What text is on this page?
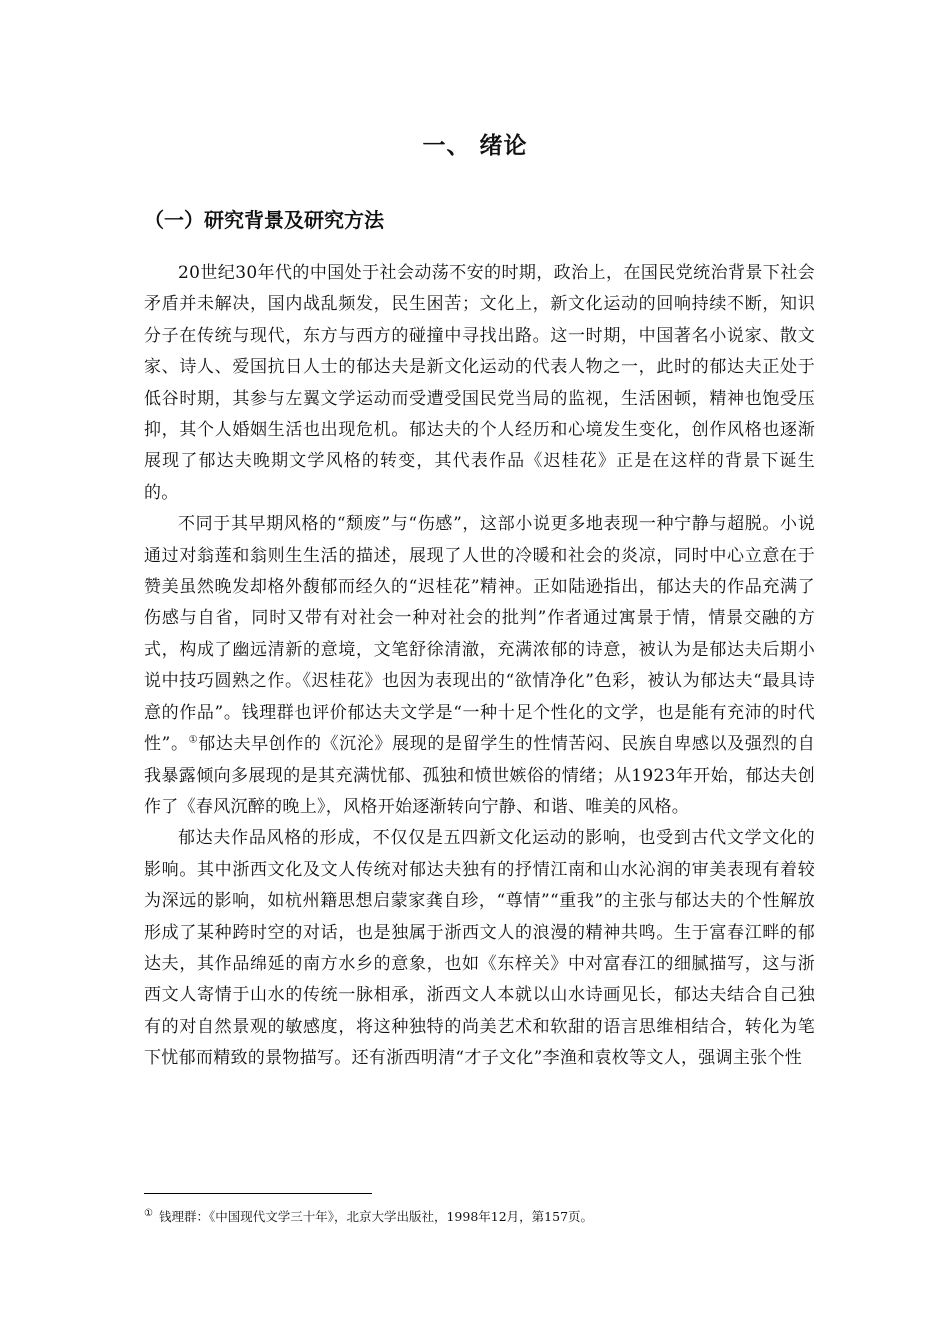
一、 绪论
（一）研究背景及研究方法

20世纪30年代的中国处于社会动荡不安的时期，政治上，在国民党统治背景下社会矛盾并未解决，国内战乱频发，民生困苦；文化上，新文化运动的回响持续不断，知识分子在传统与现代，东方与西方的碰撞中寻找出路。这一时期，中国著名小说家、散文家、诗人、爱国抗日人士的郁达夫是新文化运动的代表人物之一，此时的郁达夫正处于低谷时期，其参与左翼文学运动而受遭受国民党当局的监视，生活困顿，精神也饱受压抑，其个人婚姻生活也出现危机。郁达夫的个人经历和心境发生变化，创作风格也逐渐展现了郁达夫晚期文学风格的转变，其代表作品《迟桂花》正是在这样的背景下诞生的。

不同于其早期风格的“颓废”与“伤感”，这部小说更多地表现一种宁静与超脱。小说通过对翁莲和翁则生生活的描述，展现了人世的冷暖和社会的炎凉，同时中心立意在于赞美虽然晚发却格外馥郁而经久的“迟桂花”精神。正如陆逊指出，郁达夫的作品充满了伤感与自省，同时又带有对社会一种对社会的批判”作者通过寓景于情，情景交融的方式，构成了幽远清新的意境，文笔舒徐清澈，充满浓郁的诗意，被认为是郁达夫后期小说中技巧圆熟之作。《迟桂花》也因为表现出的“欲情净化”色彩，被认为郁达夫“最具诗意的作品”。钱理群也评价郁达夫文学是“一种十足个性化的文学，也是能有充沛的时代性”。①郁达夫早创作的《沉沦》展现的是留学生的性情苦闷、民族自卑感以及强烈的自我暴露倾向多展现的是其充满忧郁、孤独和愤世嫉俗的情绪；从1923年开始，郁达夫创作了《春风沉醉的晚上》，风格开始逐渐转向宁静、和谐、唯美的风格。

郁达夫作品风格的形成，不仅仅是五四新文化运动的影响，也受到古代文学文化的影响。其中浙西文化及文人传统对郁达夫独有的抒情江南和山水沁润的审美表现有着较为深远的影响，如杭州籍思想启蒙家龚自珍，“尊情”“重我”的主张与郁达夫的个性解放形成了某种跨时空的对话，也是独属于浙西文人的浪漫的精神共鸣。生于富春江畔的郁达夫，其作品绵延的南方水乡的意象，也如《东梓关》中对富春江的细腻描写，这与浙西文人寄情于山水的传统一脉相承，浙西文人本就以山水诗画见长，郁达夫结合自己独有的对自然景观的敏感度，将这种独特的尚美艺术和软甜的语言思维相结合，转化为笔下忧郁而精致的景物描写。还有浙西明清“才子文化”李渔和袁枚等文人，强调主张个性

① 钱理群：《中国现代文学三十年》，北京大学出版社，1998年12月，第157页。
